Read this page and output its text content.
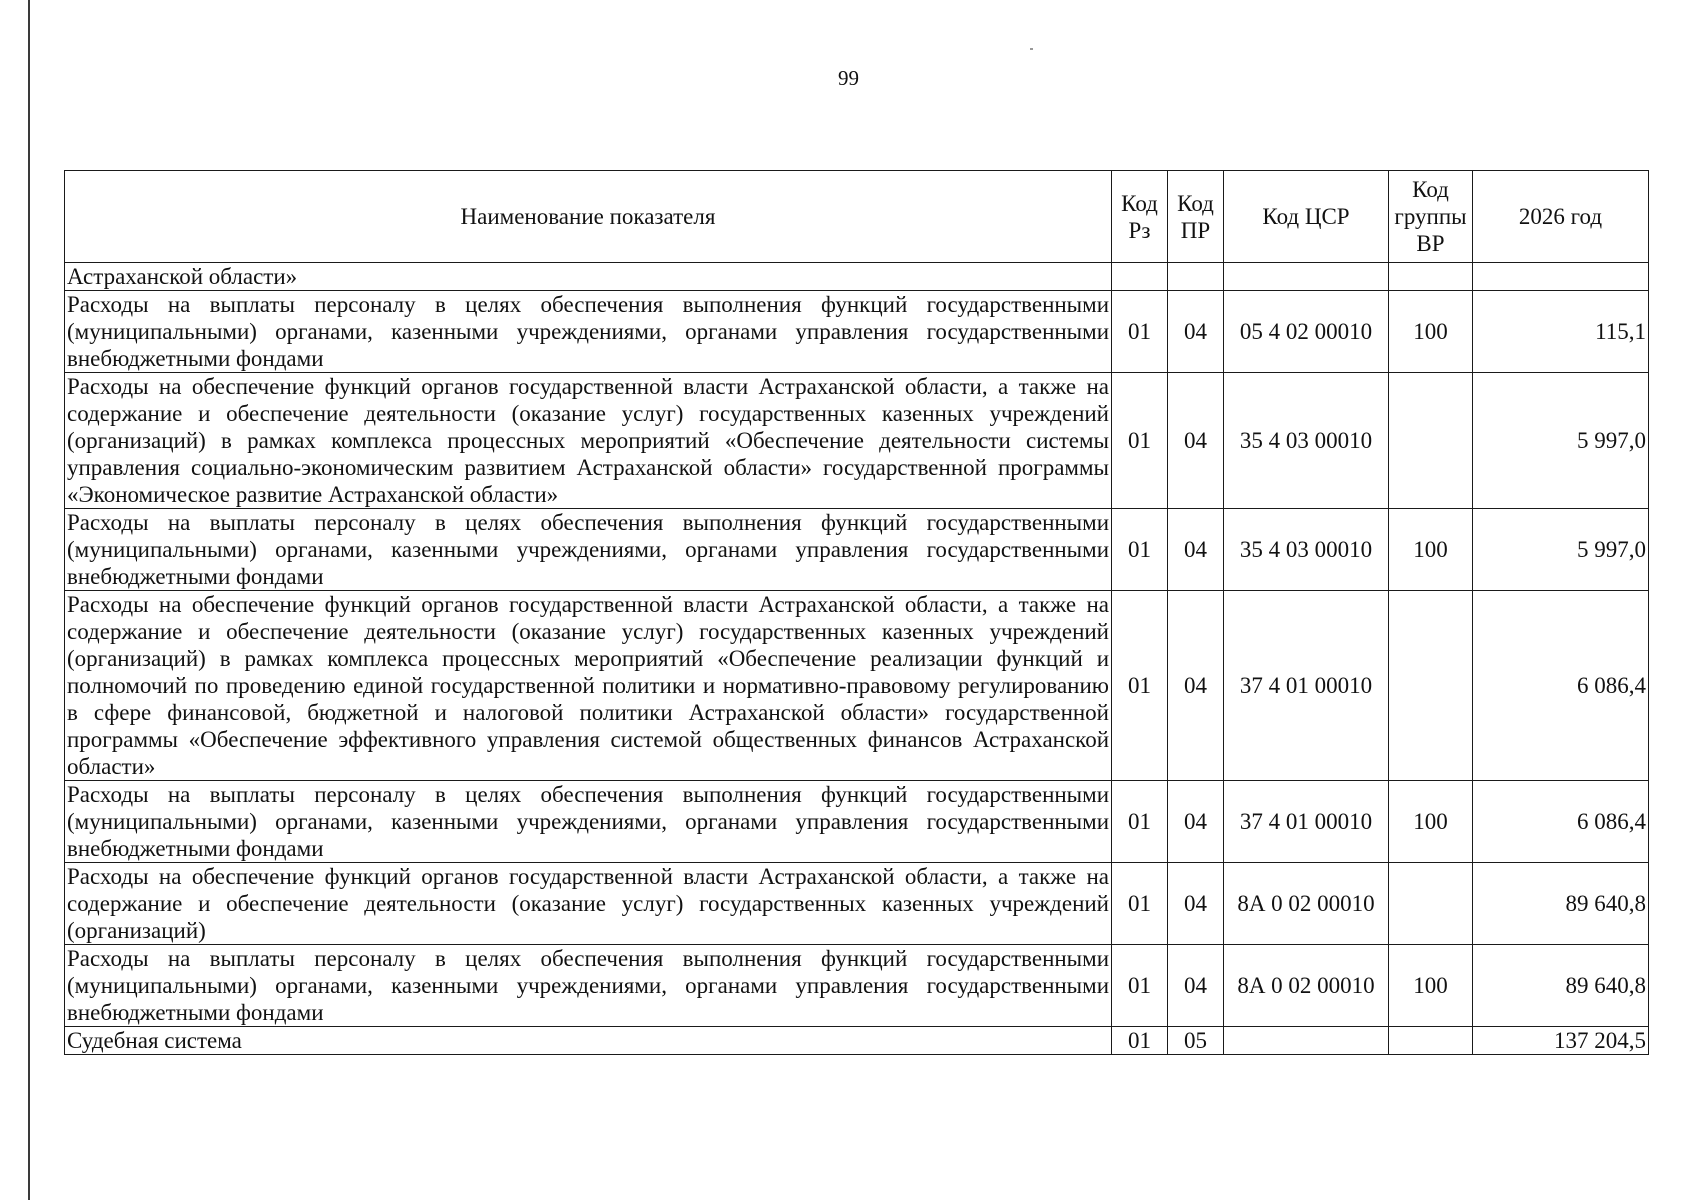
99
Наименование показателя	Код Рз	Код ПР	Код ЦСР	Код группы ВР	2026 год
Астраханской области»					
Расходы на выплаты персоналу в целях обеспечения выполнения функций государственными (муниципальными) органами, казенными учреждениями, органами управления государственными внебюджетными фондами	01	04	05 4 02 00010	100	115,1
Расходы на обеспечение функций органов государственной власти Астраханской области, а также на содержание и обеспечение деятельности (оказание услуг) государственных казенных учреждений (организаций) в рамках комплекса процессных мероприятий «Обеспечение деятельности системы управления социально-экономическим развитием Астраханской области» государственной программы «Экономическое развитие Астраханской области»	01	04	35 4 03 00010		5 997,0
Расходы на выплаты персоналу в целях обеспечения выполнения функций государственными (муниципальными) органами, казенными учреждениями, органами управления государственными внебюджетными фондами	01	04	35 4 03 00010	100	5 997,0
Расходы на обеспечение функций органов государственной власти Астраханской области, а также на содержание и обеспечение деятельности (оказание услуг) государственных казенных учреждений (организаций) в рамках комплекса процессных мероприятий «Обеспечение реализации функций и полномочий по проведению единой государственной политики и нормативно-правовому регулированию в сфере финансовой, бюджетной и налоговой политики Астраханской области» государственной программы «Обеспечение эффективного управления системой общественных финансов Астраханской области»	01	04	37 4 01 00010		6 086,4
Расходы на выплаты персоналу в целях обеспечения выполнения функций государственными (муниципальными) органами, казенными учреждениями, органами управления государственными внебюджетными фондами	01	04	37 4 01 00010	100	6 086,4
Расходы на обеспечение функций органов государственной власти Астраханской области, а также на содержание и обеспечение деятельности (оказание услуг) государственных казенных учреждений (организаций)	01	04	8А 0 02 00010		89 640,8
Расходы на выплаты персоналу в целях обеспечения выполнения функций государственными (муниципальными) органами, казенными учреждениями, органами управления государственными внебюджетными фондами	01	04	8А 0 02 00010	100	89 640,8
Судебная система	01	05			137 204,5
